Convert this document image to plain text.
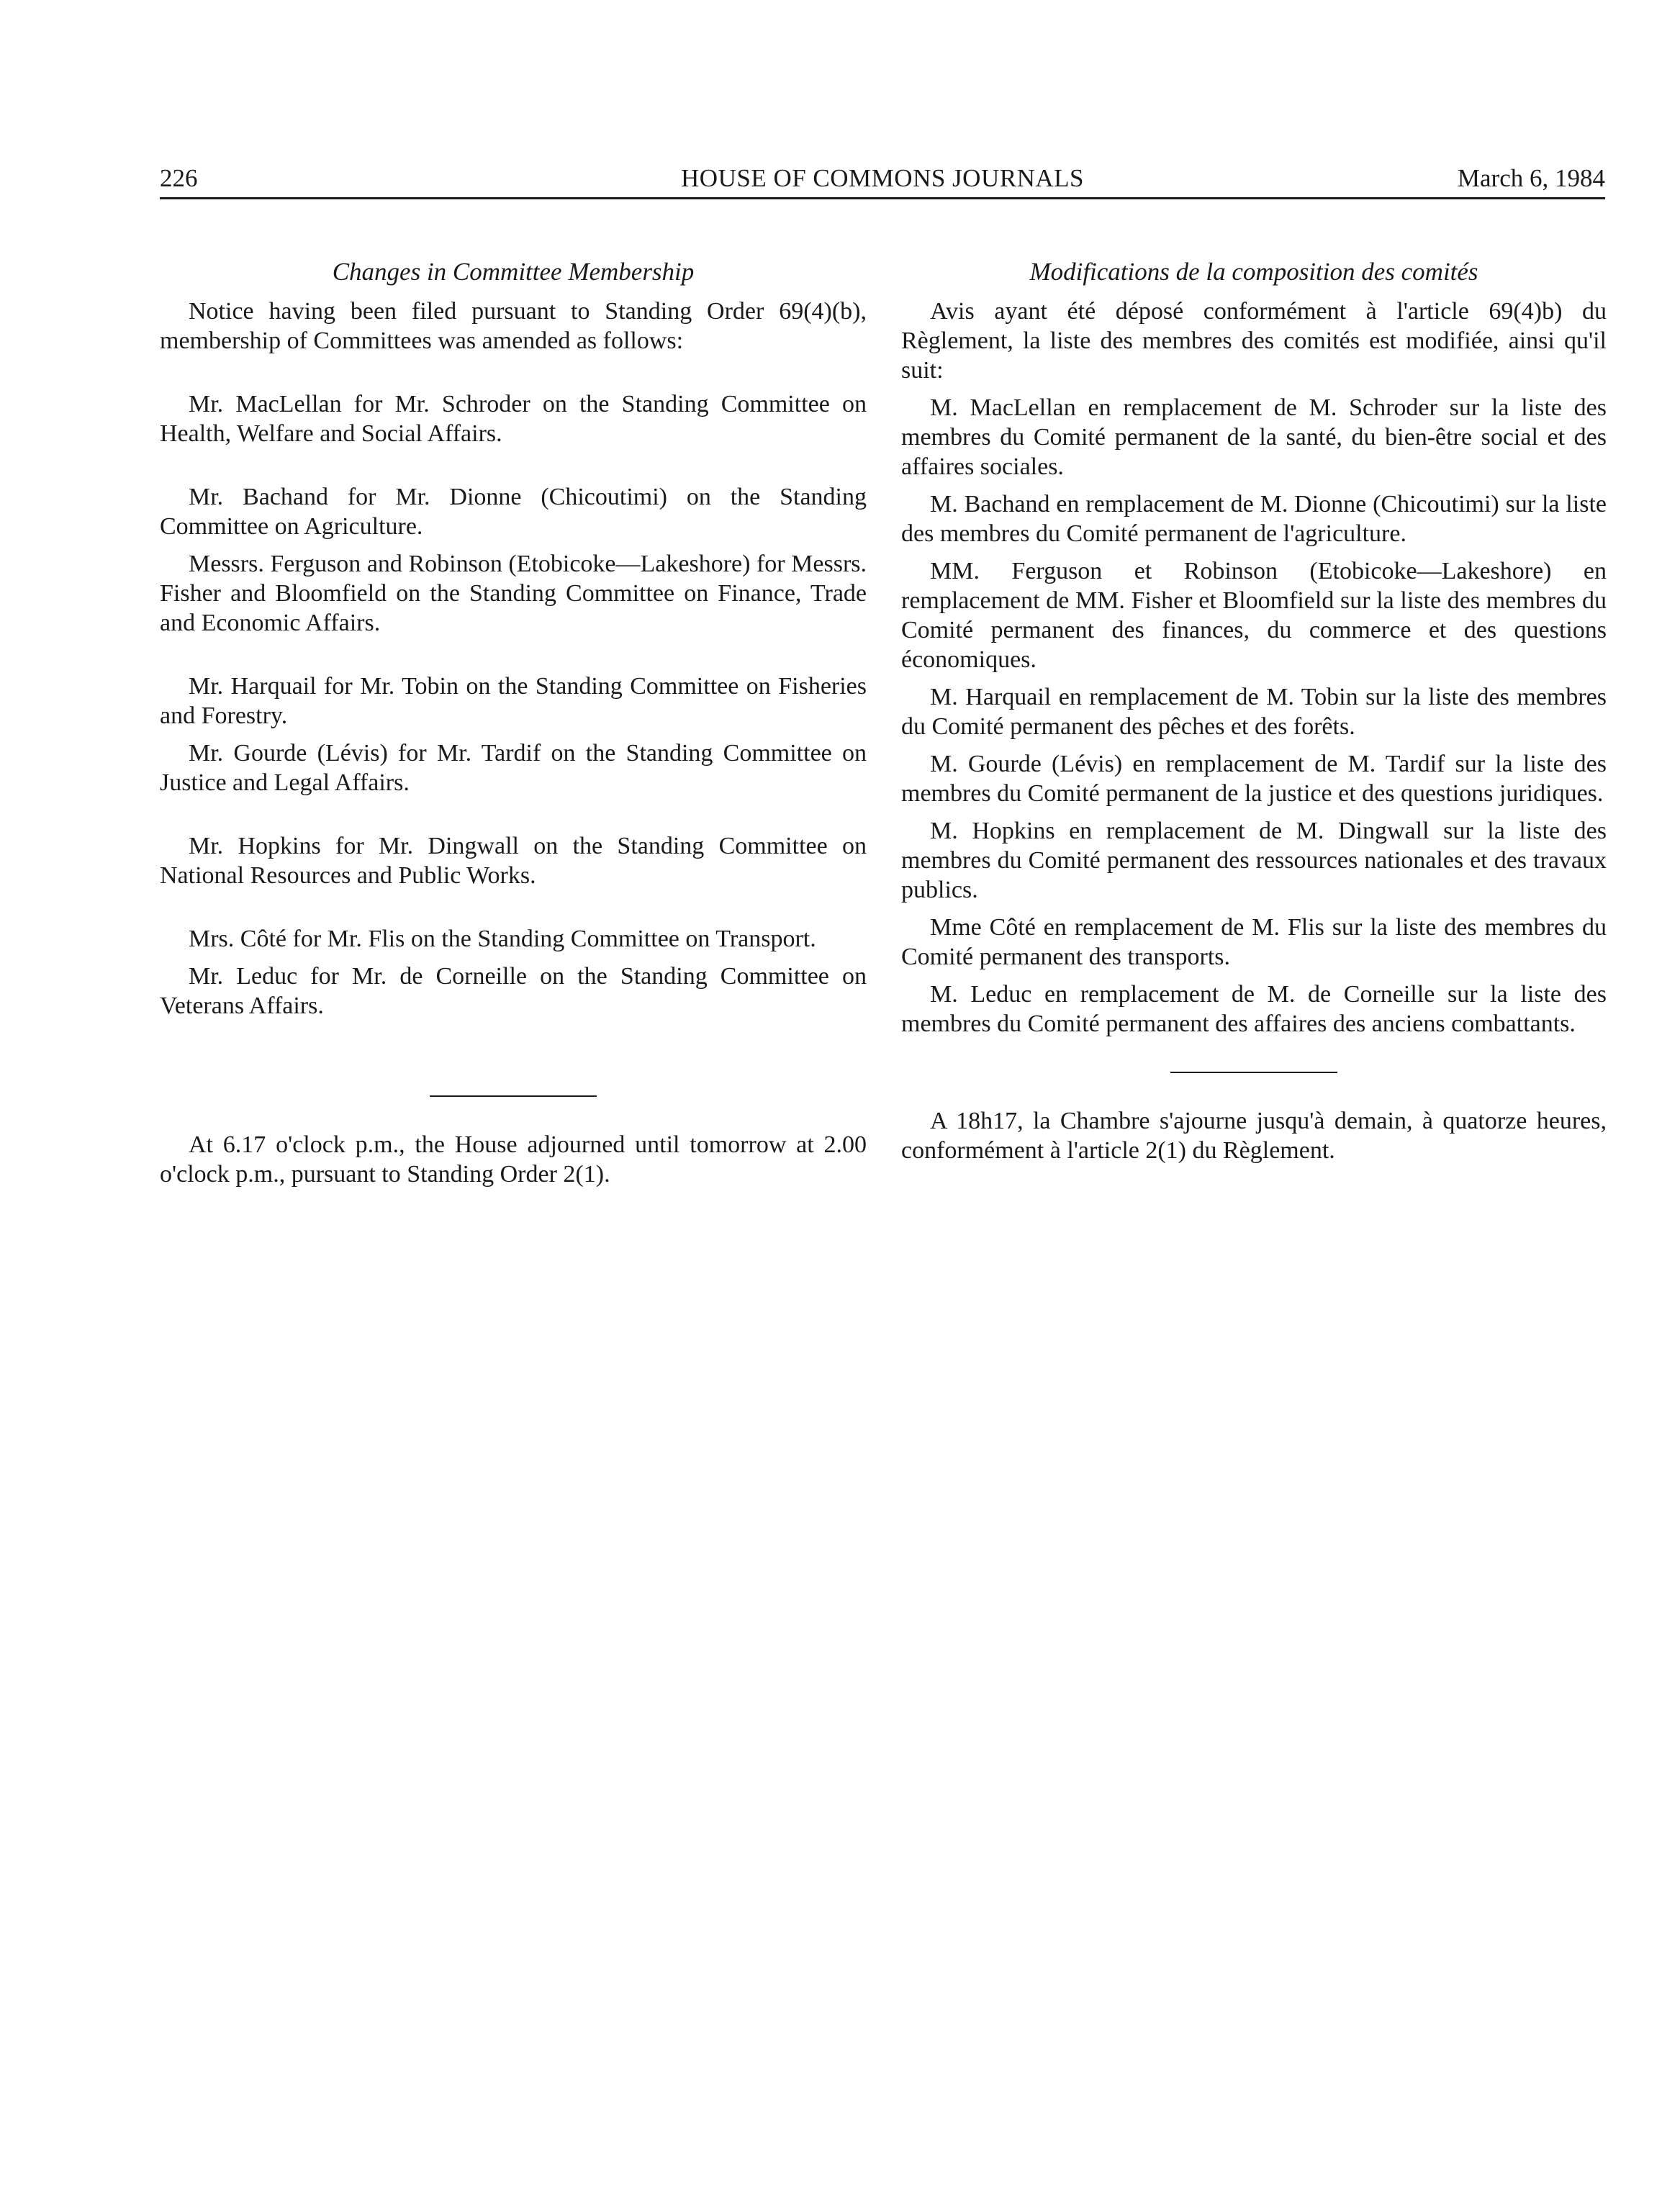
226	HOUSE OF COMMONS JOURNALS	March 6, 1984
Changes in Committee Membership

Notice having been filed pursuant to Standing Order 69(4)(b), membership of Committees was amended as follows:

Mr. MacLellan for Mr. Schroder on the Standing Committee on Health, Welfare and Social Affairs.

Mr. Bachand for Mr. Dionne (Chicoutimi) on the Standing Committee on Agriculture.

Messrs. Ferguson and Robinson (Etobicoke—Lakeshore) for Messrs. Fisher and Bloomfield on the Standing Committee on Finance, Trade and Economic Affairs.

Mr. Harquail for Mr. Tobin on the Standing Committee on Fisheries and Forestry.

Mr. Gourde (Lévis) for Mr. Tardif on the Standing Committee on Justice and Legal Affairs.

Mr. Hopkins for Mr. Dingwall on the Standing Committee on National Resources and Public Works.

Mrs. Côté for Mr. Flis on the Standing Committee on Transport.

Mr. Leduc for Mr. de Corneille on the Standing Committee on Veterans Affairs.

At 6.17 o'clock p.m., the House adjourned until tomorrow at 2.00 o'clock p.m., pursuant to Standing Order 2(1).

Modifications de la composition des comités

Avis ayant été déposé conformément à l'article 69(4)b) du Règlement, la liste des membres des comités est modifiée, ainsi qu'il suit:

M. MacLellan en remplacement de M. Schroder sur la liste des membres du Comité permanent de la santé, du bien-être social et des affaires sociales.

M. Bachand en remplacement de M. Dionne (Chicoutimi) sur la liste des membres du Comité permanent de l'agriculture.

MM. Ferguson et Robinson (Etobicoke—Lakeshore) en remplacement de MM. Fisher et Bloomfield sur la liste des membres du Comité permanent des finances, du commerce et des questions économiques.

M. Harquail en remplacement de M. Tobin sur la liste des membres du Comité permanent des pêches et des forêts.

M. Gourde (Lévis) en remplacement de M. Tardif sur la liste des membres du Comité permanent de la justice et des questions juridiques.

M. Hopkins en remplacement de M. Dingwall sur la liste des membres du Comité permanent des ressources nationales et des travaux publics.

Mme Côté en remplacement de M. Flis sur la liste des membres du Comité permanent des transports.

M. Leduc en remplacement de M. de Corneille sur la liste des membres du Comité permanent des affaires des anciens combattants.

A 18h17, la Chambre s'ajourne jusqu'à demain, à quatorze heures, conformément à l'article 2(1) du Règlement.
